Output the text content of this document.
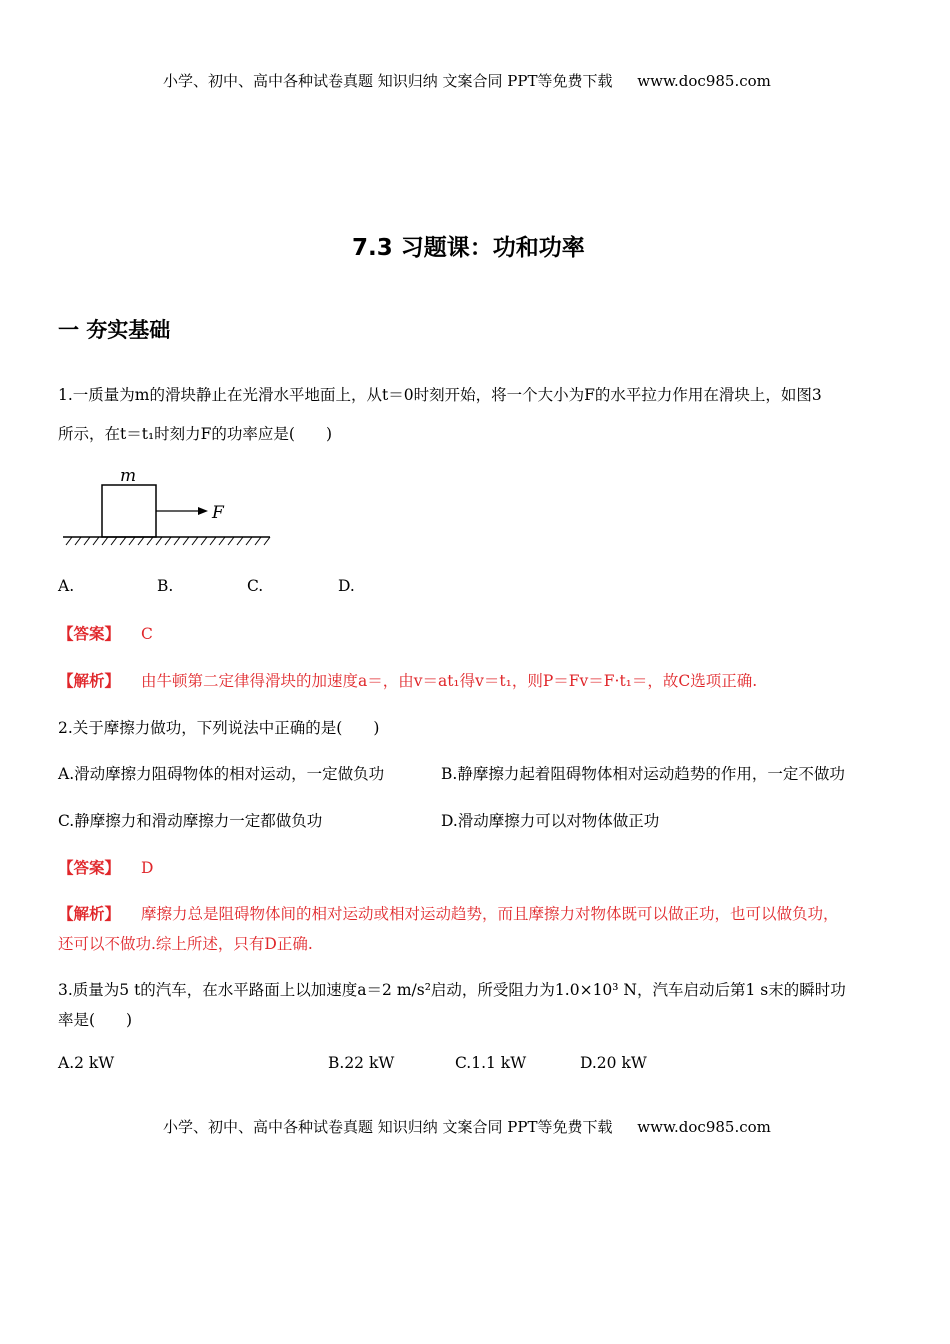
小学、初中、高中各种试卷真题 知识归纳 文案合同 PPT等免费下载 www.doc985.com
7.3 习题课：功和功率
一 夯实基础
1.一质量为m的滑块静止在光滑水平地面上，从t＝0时刻开始，将一个大小为F的水平拉力作用在滑块上，如图3
所示，在t＝t₁时刻力F的功率应是(　　)
m
F
A.	B.	C.	D.
【答案】 C
【解析】 由牛顿第二定律得滑块的加速度a＝，由v＝at₁得v＝t₁，则P＝Fv＝F·t₁＝，故C选项正确.
2.关于摩擦力做功，下列说法中正确的是(　　)
A.滑动摩擦力阻碍物体的相对运动，一定做负功	B.静摩擦力起着阻碍物体相对运动趋势的作用，一定不做功
C.静摩擦力和滑动摩擦力一定都做负功	D.滑动摩擦力可以对物体做正功
【答案】 D
【解析】 摩擦力总是阻碍物体间的相对运动或相对运动趋势，而且摩擦力对物体既可以做正功，也可以做负功，
还可以不做功.综上所述，只有D正确.
3.质量为5 t的汽车，在水平路面上以加速度a＝2 m/s²启动，所受阻力为1.0×10³ N，汽车启动后第1 s末的瞬时功
率是(　　)
A.2 kW	B.22 kW	C.1.1 kW	D.20 kW
小学、初中、高中各种试卷真题 知识归纳 文案合同 PPT等免费下载 www.doc985.com
